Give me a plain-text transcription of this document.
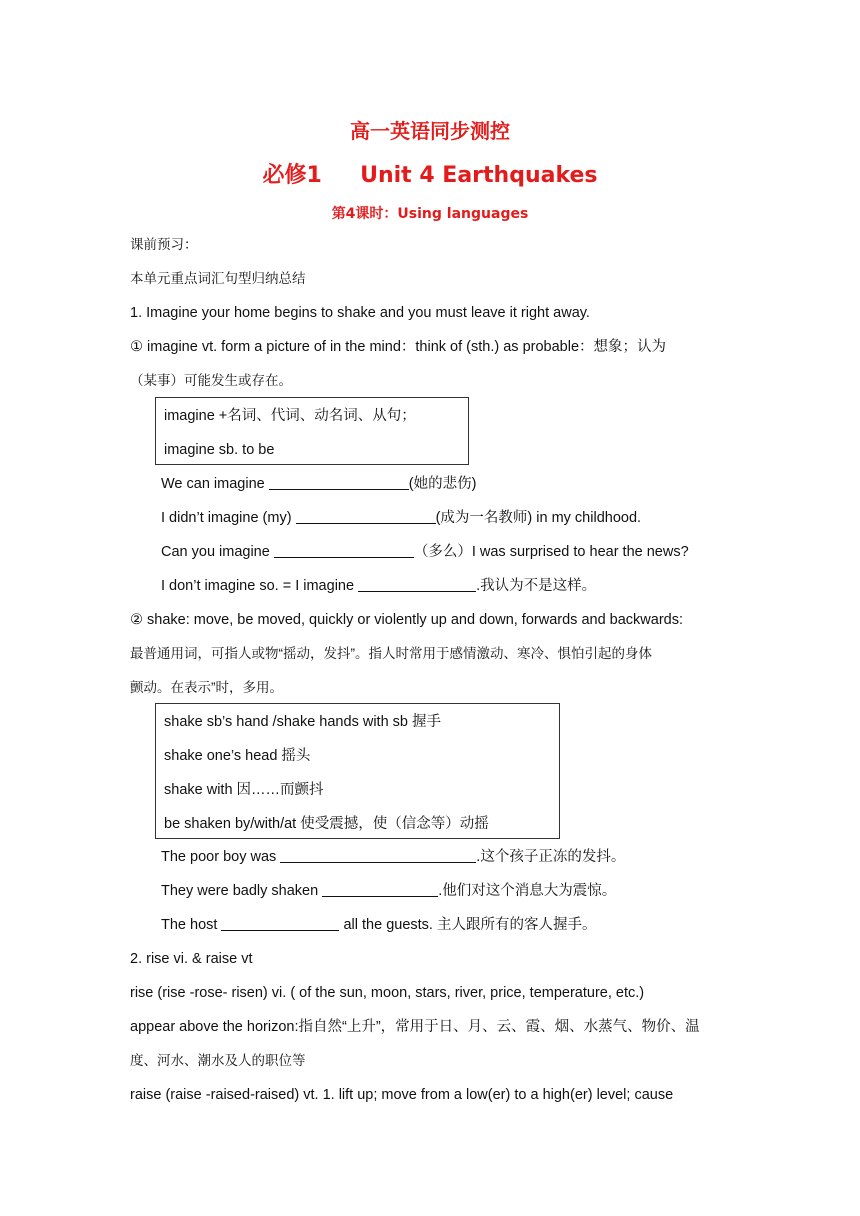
高一英语同步测控
必修1     Unit 4 Earthquakes
第4课时：Using languages
课前预习：
本单元重点词汇句型归纳总结
1. Imagine your home begins to shake and you must leave it right away.
① imagine vt. form a picture of in the mind：think of (sth.) as probable：想象；认为
（某事）可能发生或存在。
imagine +名词、代词、动名词、从句；
imagine sb. to be
We can imagine	(她的悲伤)
I didn’t imagine (my)	(成为一名教师) in my childhood.
Can you imagine	（多么）I was surprised to hear the news?
I don’t imagine so. = I imagine	.我认为不是这样。
② shake: move, be moved, quickly or violently up and down, forwards and backwards:
最普通用词，可指人或物“摇动，发抖”。指人时常用于感情激动、寒冷、惧怕引起的身体
颤动。在表示”时，多用。
shake sb’s hand /shake hands with sb 握手
shake one’s head 摇头
shake with 因……而颤抖
be shaken by/with/at 使受震撼，使（信念等）动摇
The poor boy was	.这个孩子正冻的发抖。
They were badly shaken	.他们对这个消息大为震惊。
The host	all the guests. 主人跟所有的客人握手。
2. rise vi. & raise vt
rise (rise -rose- risen) vi. ( of the sun, moon, stars, river, price, temperature, etc.)
appear above the horizon:指自然“上升”，常用于日、月、云、霞、烟、水蒸气、物价、温
度、河水、潮水及人的职位等
raise (raise -raised-raised) vt. 1. lift up; move from a low(er) to a high(er) level; cause
